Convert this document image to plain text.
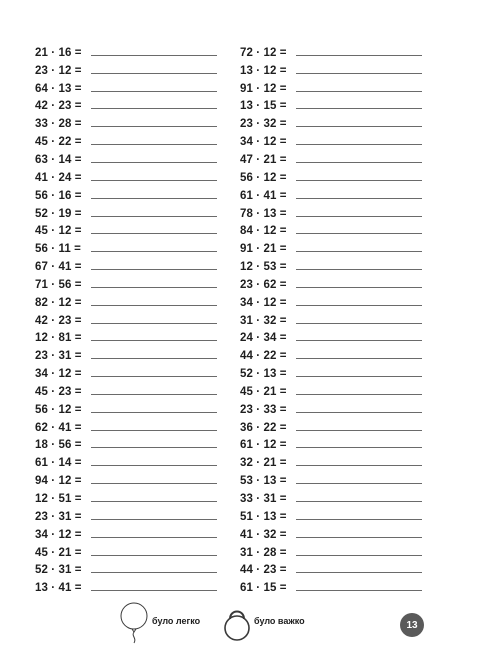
21 · 16 =
23 · 12 =
64 · 13 =
42 · 23 =
33 · 28 =
45 · 22 =
63 · 14 =
41 · 24 =
56 · 16 =
52 · 19 =
45 · 12 =
56 · 11 =
67 · 41 =
71 · 56 =
82 · 12 =
42 · 23 =
12 · 81 =
23 · 31 =
34 · 12 =
45 · 23 =
56 · 12 =
62 · 41 =
18 · 56 =
61 · 14 =
94 · 12 =
12 · 51 =
23 · 31 =
34 · 12 =
45 · 21 =
52 · 31 =
13 · 41 =
72 · 12 =
13 · 12 =
91 · 12 =
13 · 15 =
23 · 32 =
34 · 12 =
47 · 21 =
56 · 12 =
61 · 41 =
78 · 13 =
84 · 12 =
91 · 21 =
12 · 53 =
23 · 62 =
34 · 12 =
31 · 32 =
24 · 34 =
44 · 22 =
52 · 13 =
45 · 21 =
23 · 33 =
36 · 22 =
61 · 12 =
32 · 21 =
53 · 13 =
33 · 31 =
51 · 13 =
41 · 32 =
31 · 28 =
44 · 23 =
61 · 15 =
було легко	було важко	13
